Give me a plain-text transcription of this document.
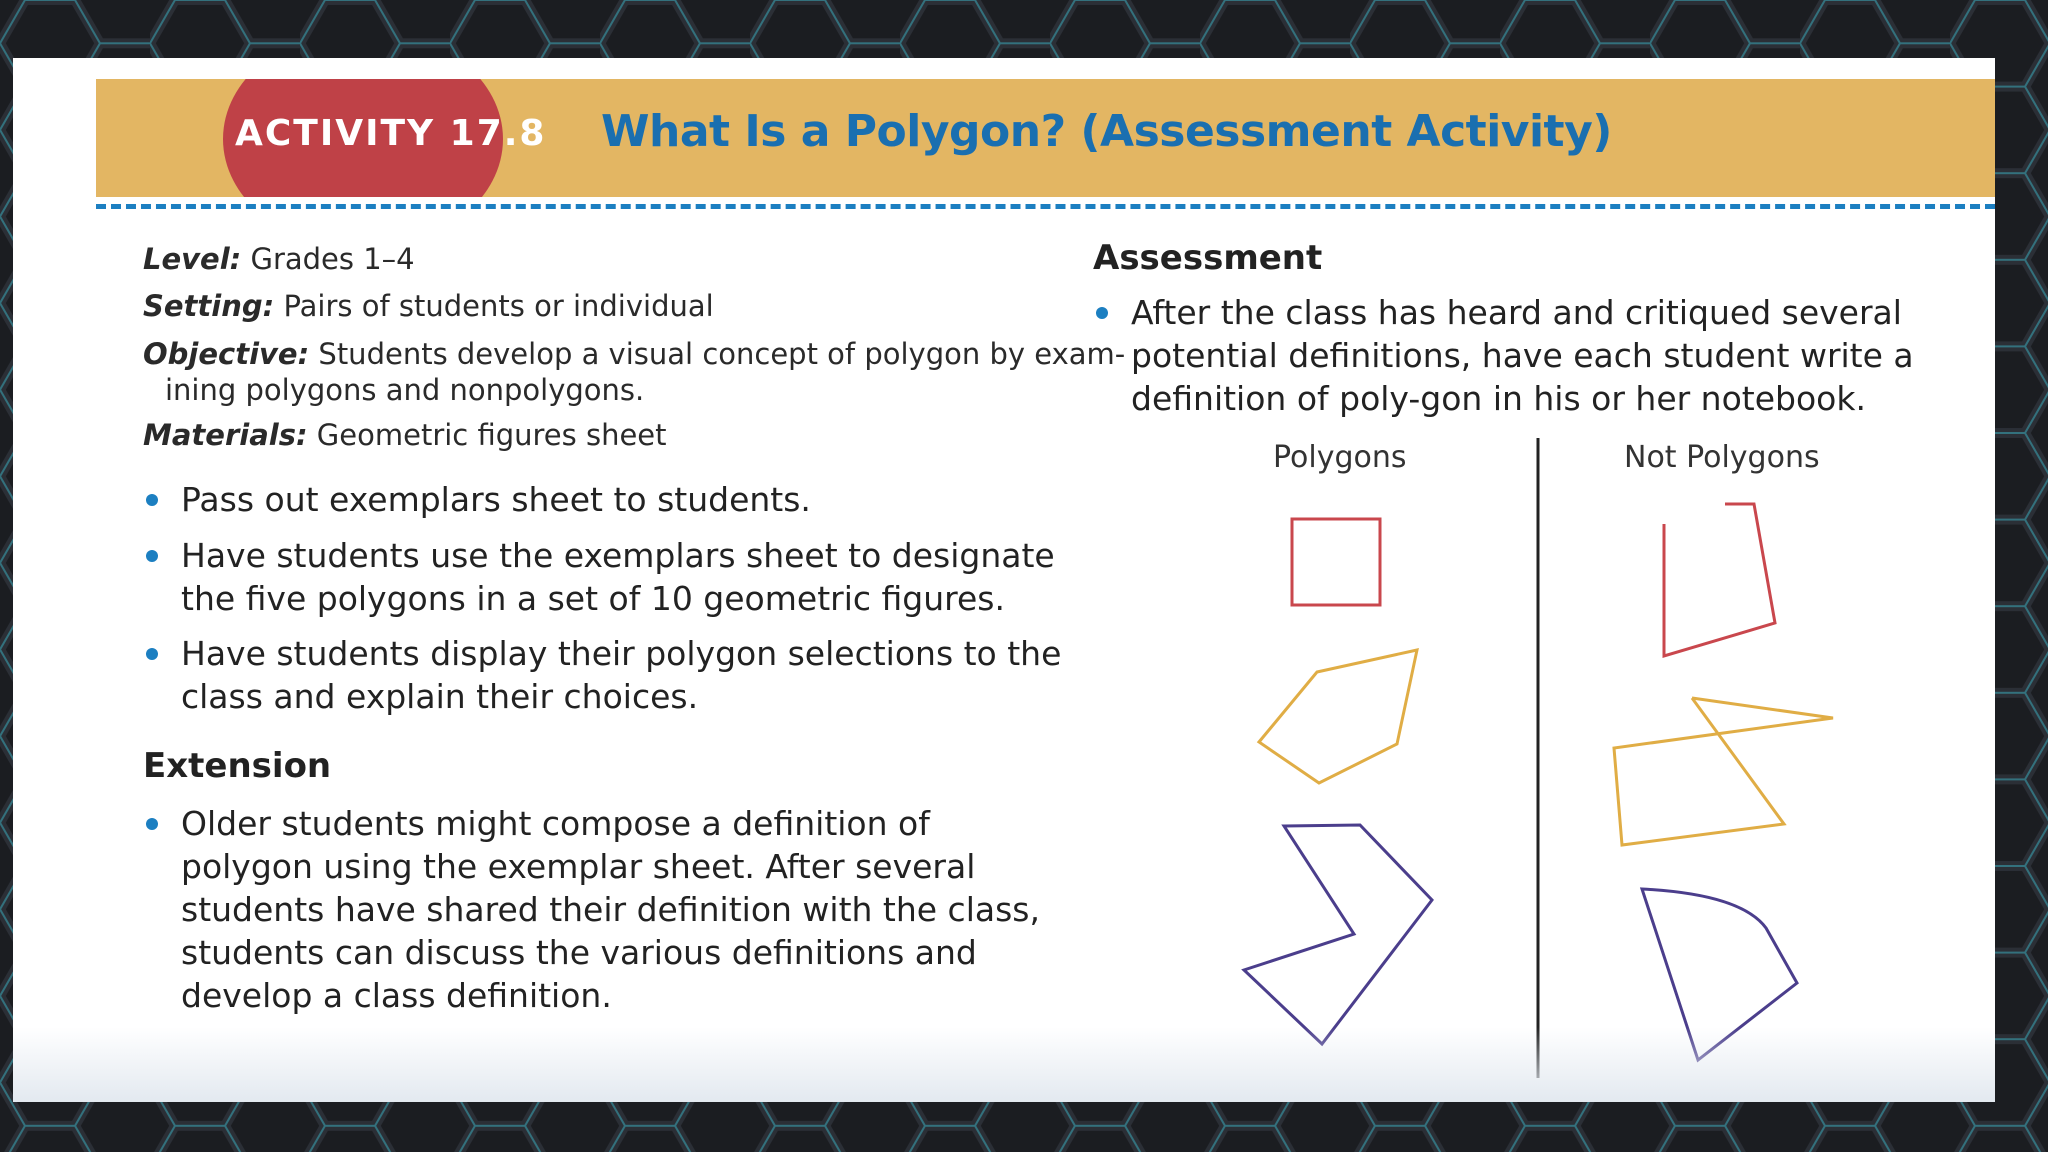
ACTIVITY 17.8 What Is a Polygon? (Assessment Activity)
Level: Grades 1–4
Setting: Pairs of students or individual
Objective: Students develop a visual concept of polygon by exam-
ining polygons and nonpolygons.
Materials: Geometric figures sheet
Pass out exemplars sheet to students.
Have students use the exemplars sheet to designate the five polygons in a set of 10 geometric figures.
Have students display their polygon selections to the class and explain their choices.
Extension
Older students might compose a definition of polygon using the exemplar sheet. After several students have shared their definition with the class, students can discuss the various definitions and develop a class definition.
Assessment
After the class has heard and critiqued several potential definitions, have each student write a definition of poly-gon in his or her notebook.
Polygons	Not Polygons
